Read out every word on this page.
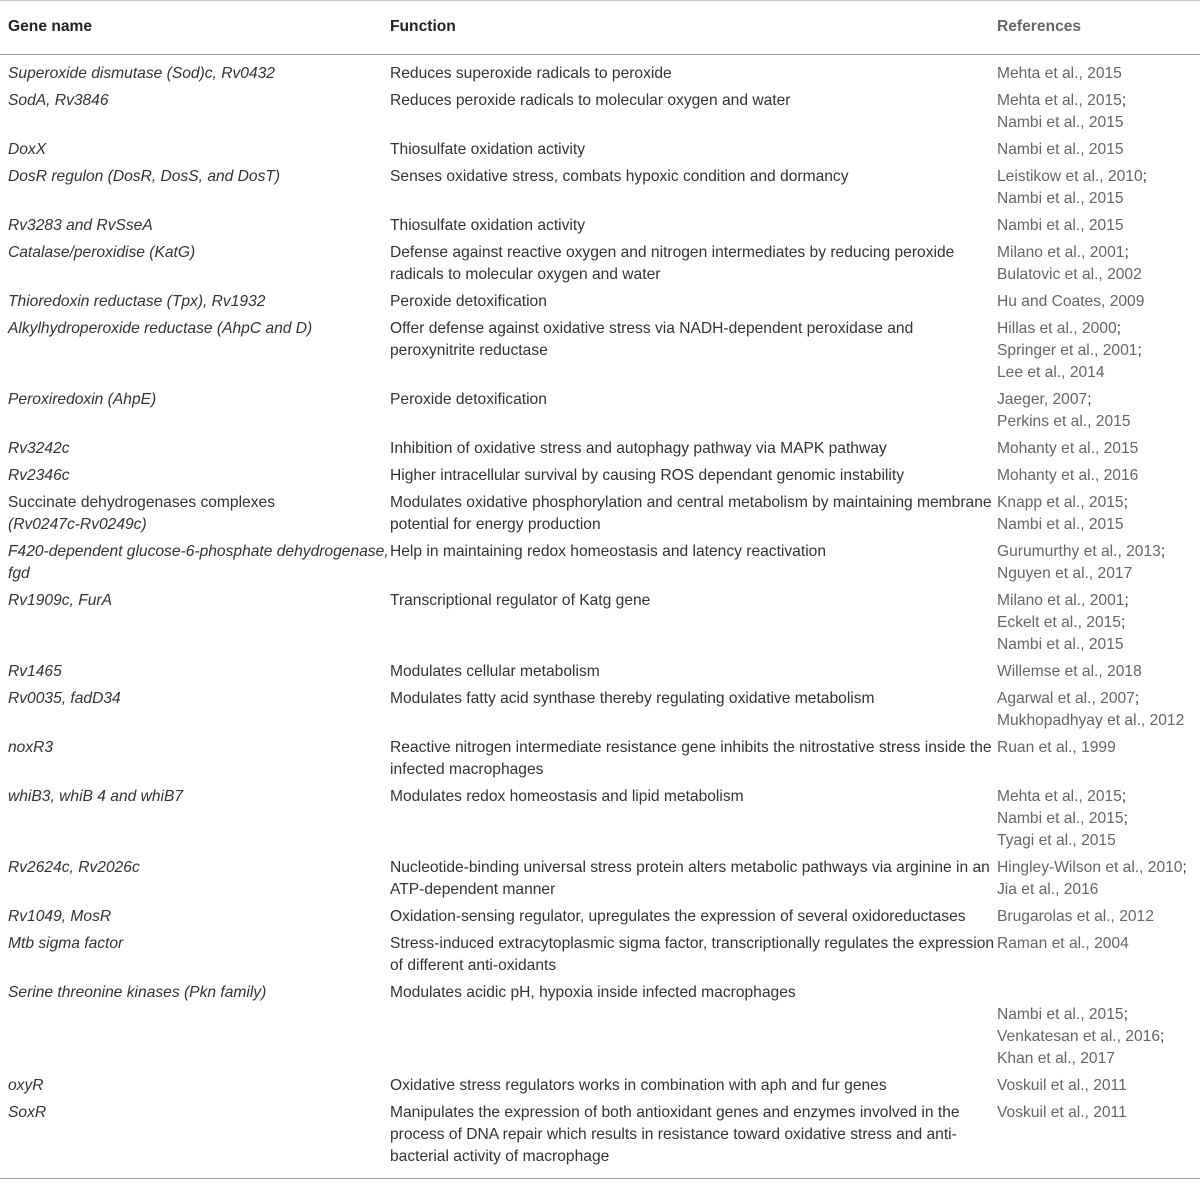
Gene name	Function	References
Superoxide dismutase (Sod)c, Rv0432	Reduces superoxide radicals to peroxide	Mehta et al., 2015

SodA, Rv3846	Reduces peroxide radicals to molecular oxygen and water	Mehta et al., 2015;
Nambi et al., 2015

DoxX	Thiosulfate oxidation activity	Nambi et al., 2015

DosR regulon (DosR, DosS, and DosT)	Senses oxidative stress, combats hypoxic condition and dormancy	Leistikow et al., 2010;
Nambi et al., 2015

Rv3283 and RvSseA	Thiosulfate oxidation activity	Nambi et al., 2015

Catalase/peroxidise (KatG)	Defense against reactive oxygen and nitrogen intermediates by reducing peroxide radicals to molecular oxygen and water	Milano et al., 2001;
Bulatovic et al., 2002

Thioredoxin reductase (Tpx), Rv1932	Peroxide detoxification	Hu and Coates, 2009

Alkylhydroperoxide reductase (AhpC and D)	Offer defense against oxidative stress via NADH-dependent peroxidase and peroxynitrite reductase	Hillas et al., 2000;
Springer et al., 2001;
Lee et al., 2014

Peroxiredoxin (AhpE)	Peroxide detoxification	Jaeger, 2007;
Perkins et al., 2015

Rv3242c	Inhibition of oxidative stress and autophagy pathway via MAPK pathway	Mohanty et al., 2015

Rv2346c	Higher intracellular survival by causing ROS dependant genomic instability	Mohanty et al., 2016

Succinate dehydrogenases complexes
(Rv0247c-Rv0249c)	Modulates oxidative phosphorylation and central metabolism by maintaining membrane potential for energy production	Knapp et al., 2015;
Nambi et al., 2015

F420-dependent glucose-6-phosphate dehydrogenase, fgd	Help in maintaining redox homeostasis and latency reactivation	Gurumurthy et al., 2013;
Nguyen et al., 2017

Rv1909c, FurA	Transcriptional regulator of Katg gene	Milano et al., 2001;
Eckelt et al., 2015;
Nambi et al., 2015

Rv1465	Modulates cellular metabolism	Willemse et al., 2018

Rv0035, fadD34	Modulates fatty acid synthase thereby regulating oxidative metabolism	Agarwal et al., 2007;
Mukhopadhyay et al., 2012

noxR3	Reactive nitrogen intermediate resistance gene inhibits the nitrostative stress inside the infected macrophages	Ruan et al., 1999

whiB3, whiB 4 and whiB7	Modulates redox homeostasis and lipid metabolism	Mehta et al., 2015;
Nambi et al., 2015;
Tyagi et al., 2015

Rv2624c, Rv2026c	Nucleotide-binding universal stress protein alters metabolic pathways via arginine in an ATP-dependent manner	Hingley-Wilson et al., 2010;
Jia et al., 2016

Rv1049, MosR	Oxidation-sensing regulator, upregulates the expression of several oxidoreductases	Brugarolas et al., 2012

Mtb sigma factor	Stress-induced extracytoplasmic sigma factor, transcriptionally regulates the expression of different anti-oxidants	Raman et al., 2004

Serine threonine kinases (Pkn family)	Modulates acidic pH, hypoxia inside infected macrophages	Nambi et al., 2015;
Venkatesan et al., 2016;
Khan et al., 2017

oxyR	Oxidative stress regulators works in combination with aph and fur genes	Voskuil et al., 2011

SoxR	Manipulates the expression of both antioxidant genes and enzymes involved in the process of DNA repair which results in resistance toward oxidative stress and anti-bacterial activity of macrophage	Voskuil et al., 2011
